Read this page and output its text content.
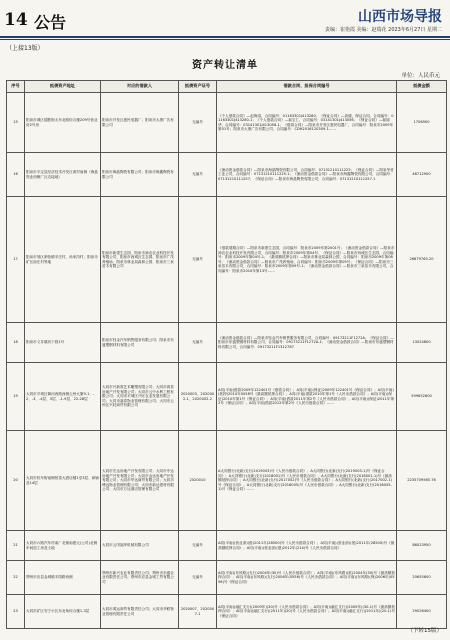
14 公告	山西市场导报
责编：崔艳霞 美编：赵瑞花 2023年6月27日 星期二
（上接13版）
资产转让清单
单位：人民币元
序号	抵债资产地址	对应的借款人	抵债资产证号	借款合同、担保合同编号	抵债金额
15	阳泉市城区德胜街太东北路综合楼209号营业房2号房	阳泉市开发区惠民电器厂；阳泉市太康广告有限公司	无编号	《个人借款合同》—赵海清，合同编号：01163301J413280；《保证合同》—高健，保证合同，合同编号：01163301J413280-1；《个人借款合同》—郝宝仁，合同编号：03141301J413056；《保证合同》—郝丽华，合同编号：03141301J413056-1；《借款合同》—阳泉市开发区惠民电器厂，合同编号：阳泉市2009年第01号；阳泉市太康广告有限公司，合同编号：CDH2016120309-1……	1706900
16	阳泉市平定县经济技术开发区黄村南侧（海晶瓷业西侧厂区边接地）	阳泉市海晶陶瓷有限公司；阳泉市海鑫陶瓷有限公司	无编号	《流动资金借款合同》—阳泉市海晶陶瓷有限公司，合同编号：07131210111225；《保证合同》—阳泉华晋工业公司，合同编号：07131210111225-1；《流动资金借款合同》—阳泉市海鑫陶瓷有限公司，合同编号：07131210111257；《保证合同》—阳泉市海晶陶瓷有限公司，合同编号：07131210111257-1	48712900
17	阳泉市郊区荫营镇辛庄村、孙家沟村；阳泉市矿区南庄村等地	阳泉市新建生态园、阳泉市神农农业科技开发有限公司、阳泉市西城区生态园、阳泉市广茂养殖场、阳泉市林业局森林公园、阳泉市三泉苗木有限公司	无编号	《借款展期合同》—阳泉市新建生态园，合同编号：阳泉市2009年第2001号；《流动资金借款合同》—阳泉市神农农业科技开发有限公司，合同编号：阳泉市2009年第04号；《保证合同》—阳泉市西城区生态园，合同编号：阳泉市2009年第04号-1；《最高额抵押合同》—阳泉市林业局森林公园，合同编号：阳泉市2009年第08号；《流动资金借款合同》—阳泉市广茂养殖场，合同编号：阳泉市2009年第09号；《保证合同》—阳泉市三泉苗木有限公司，合同编号：阳泉市2009年第09号-1；《流动资金借款合同》—阳泉市三泉苗木有限公司，合同编号：阳泉市2010年第13号……	26879765.20
18	阳泉市义井镇河下段1号	阳泉市钰金汽车销售服务有限公司；阳泉市东盛塑钢材料有限公司	无编号	《流动资金借款合同》—阳泉市钰金汽车销售服务有限公司，合同编号：09173211F1272A；《保证合同》—阳泉市东盛塑钢材料有限公司，合同编号：09173211F1272A-1；《流动资金借款合同》—阳泉市东盛塑钢材料有限公司，合同编号：09173211F1312787	13024800
19	大同市平城区御河西路西侧云州大厦9-1、-2、-3、-4层、5层、-1-9层、22-28层	大同市兴新准艺术雕塑有限公司；大同市鸿泰房地产开发有限公司；大同市云中水利工程有限公司；大同市平城区兴旺农业发展有限公司；大同市嘉泰物业管理有限公司；大同市云州区兴旺商贸有限公司	2020003、2020002-1、2020002-2	A同(平南)借款2009年122401号《借款合同》；A同(平南)(保证)2009年122401号《保证合同》；A同(平南)(抵押)2010年0058号《最高额抵押合同》；A同(平南)借款2010年第1号《人民币借款合同》；A同(平南)(保证)2010年第1号《保证合同》；A同(平南)借款2011年第2号《人民币借款合同》；A同(平南)(保证)2011年第2号《保证合同》；A同(平南)借款2012年第2号《人民币借款合同》……	599652600
20	大同市机车街南侧恒泰大酒店楼1至3层、商铺及14层	大同市宏达房地产开发有限公司；大同市中达房地产开发有限公司；大同市金达房地产开发有限公司；大同市华达商贸有限公司；大同市博远物业管理有限公司；大同市新达建材有限公司；大同市万达酒店管理有限公司	2020010	A大同银行(北新)支行(2019003)号《人民币借款合同》；A大同银行(北新)支行(2019003-1)号《保证合同》；A大同银行(北新)支行(2018001)号《人民币借款合同》；A大同银行(北新)支行(2018001-1)号《最高额抵押合同》；A大同银行(北新)支行(2017002)号《人民币借款合同》；A大同银行(北新)支行(2017002-1)号《保证合同》；A大同银行(北新)支行(2016005)号《人民币借款合同》；A大同银行(北新)支行(2016005-1)号《保证合同》……	2235709565.76
21	大同市六路汽车村南厂北街南建元(公司)北侧车间加工房及土地	大同市云冈福华机械有限公司	无编号	A同(平南)(营业部)(借)2011年(28500)号《人民币借款合同》；A同(平南)(营业部)(抵)2011年(28500)号《最高额抵押合同》；A同(平南)(营业部)(借)2012年(214)号《人民币借款合同》	86023950
22	朔州市应县金城镇丰园路西侧	朔州市新兴农业有限责任公司；朔州市东盛农业有限责任公司；朔州市应县金城工贸有限公司	无编号	A同(平南)(东风路)(支行)2004年(30)号《人民币借款合同》；A同(平南)(东风路)(抵)2004年(30)号《最高额抵押合同》；A同(平南)(东风路)(支行)2006年(0556)号《人民币借款合同》；A同(平南)(东风路)(保)2006年(0556)号《保证合同》	20655600
23	大同市矿区安宁小区东北角综合楼1-3层	大同市鸿运商贸有限责任公司；大同市华联物业管理有限责任公司	2020007、2020007-1	A同(平南)(融汇支行)(2009年)(30)号《人民币借款合同》；A同(平南)(融汇支行)(2009年)(30-1)号《最高额抵押合同》；A同(平南)(融汇支行)(2011年)(20)号《人民币借款合同》；A同(平南)(融汇支行)(2011年)(20-1)号《保证合同》	29026400
（下转15版）
